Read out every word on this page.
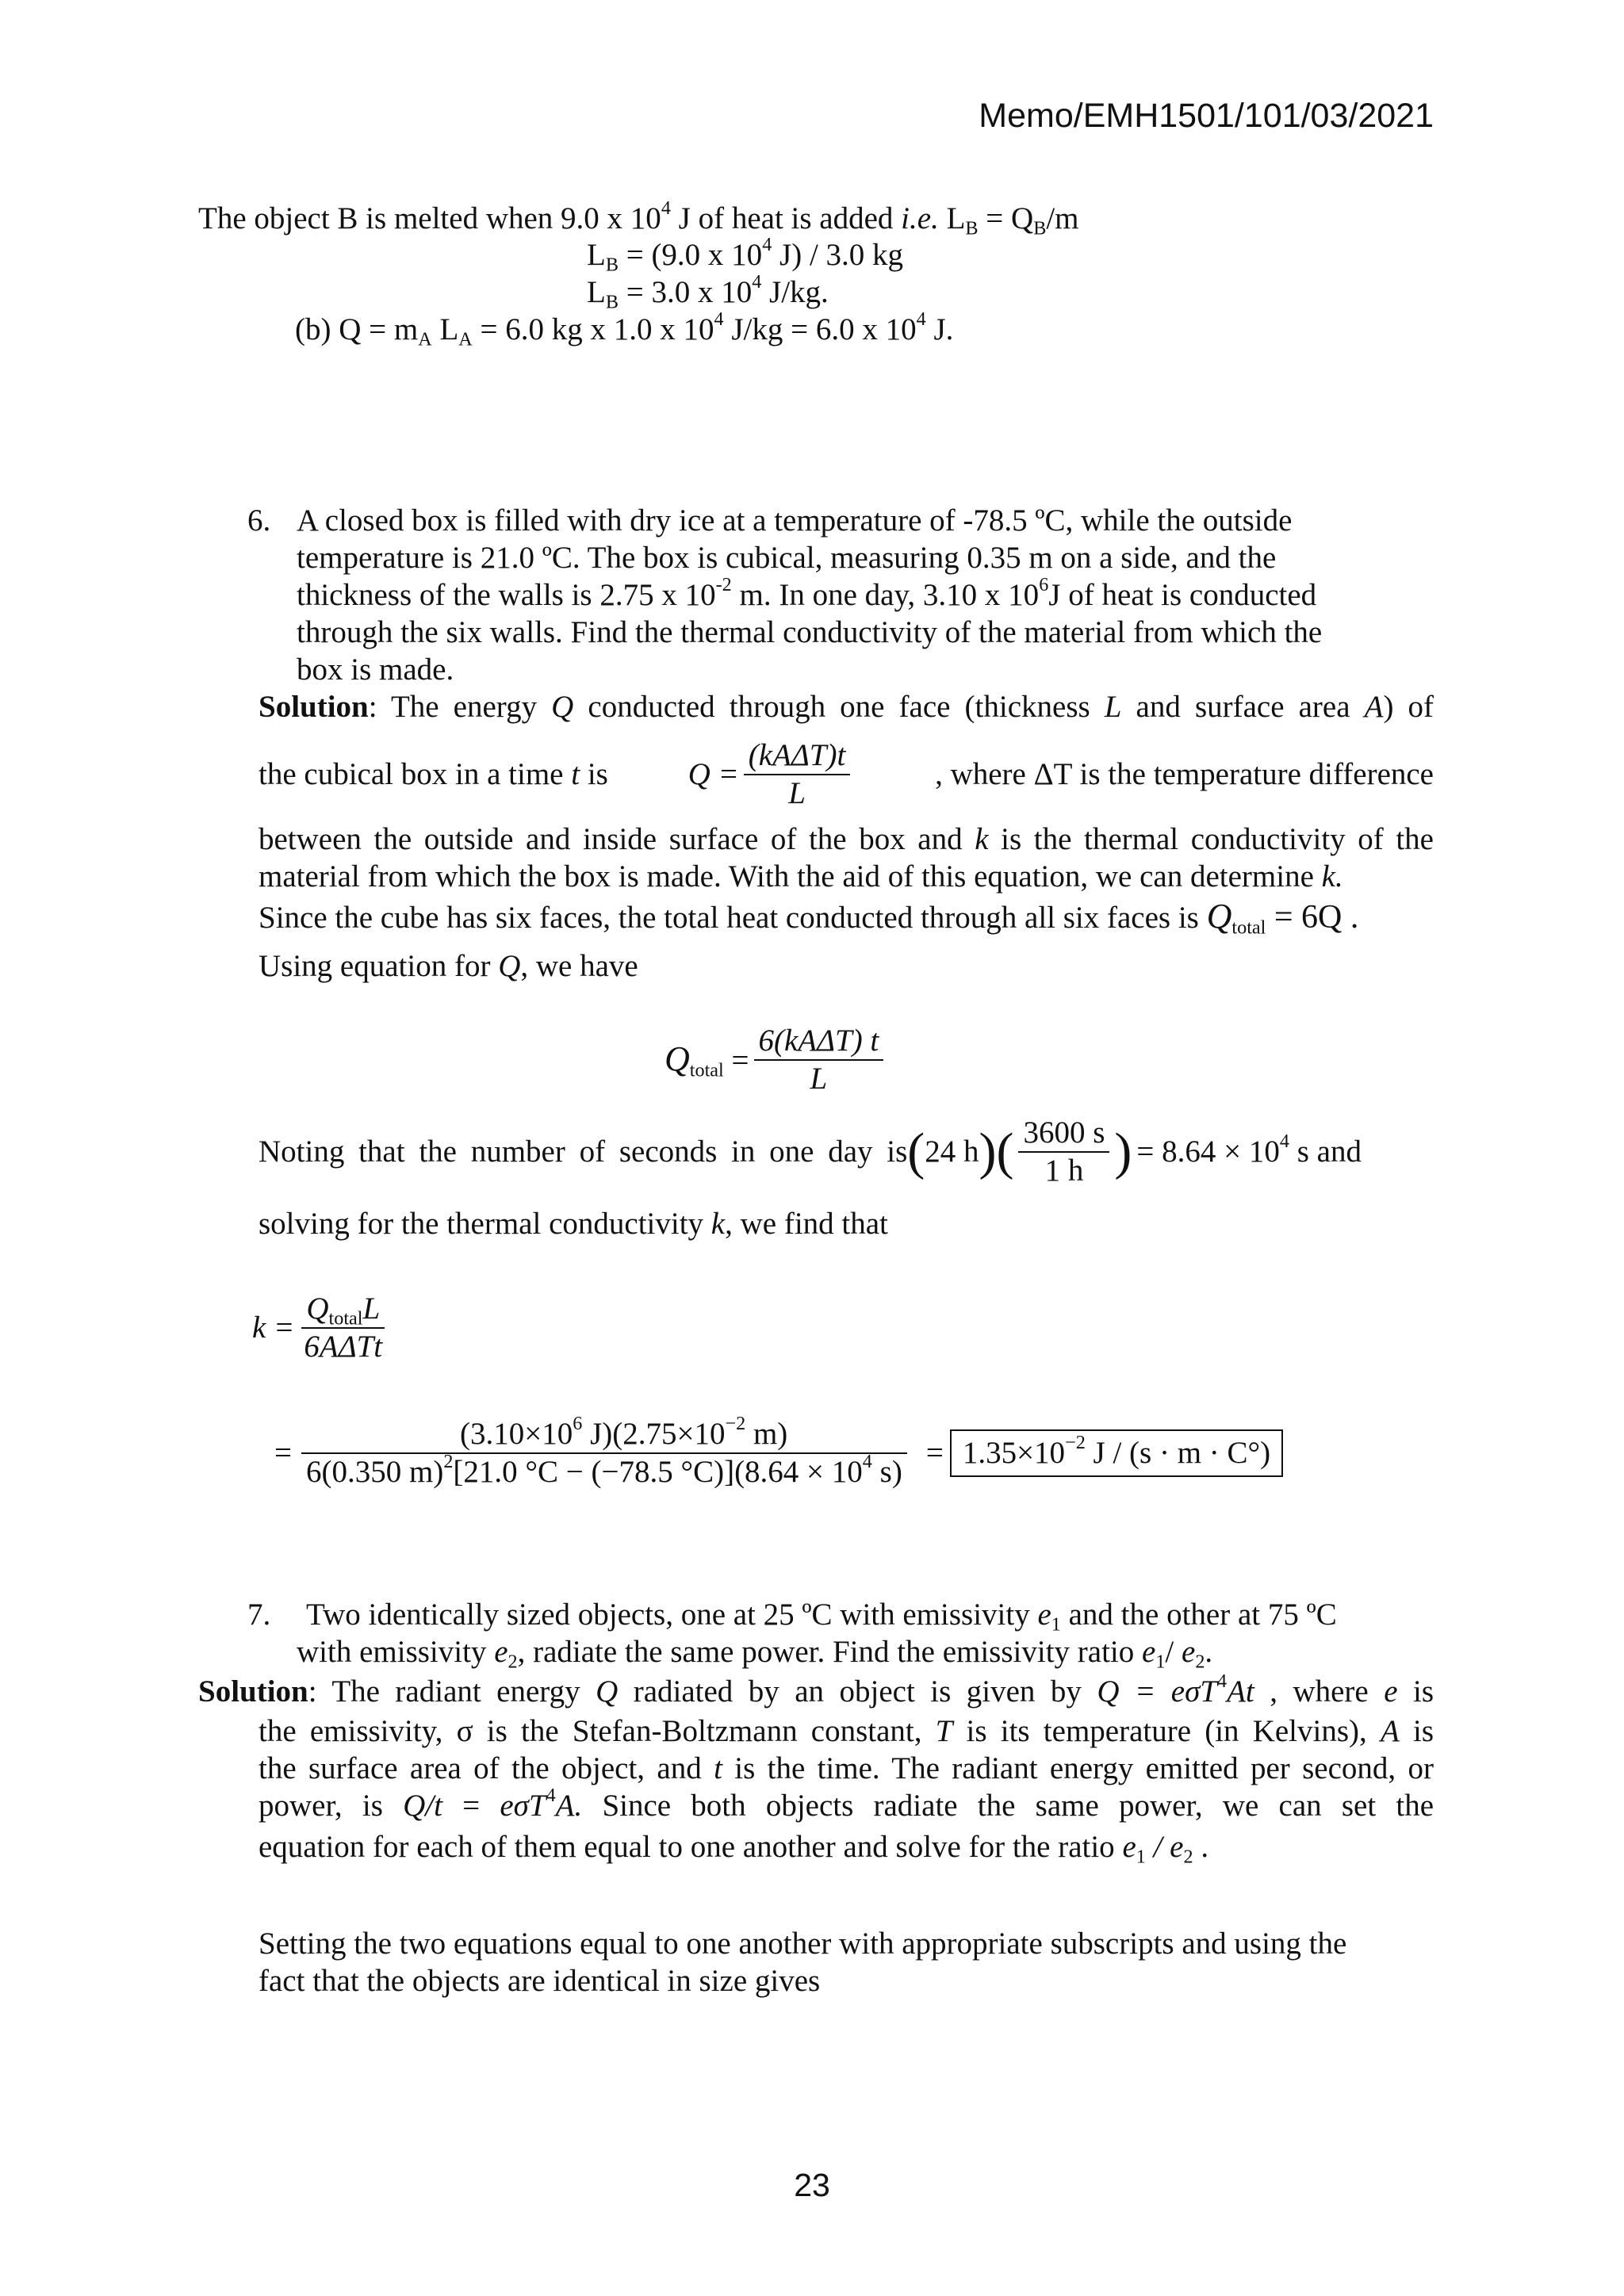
Memo/EMH1501/101/03/2021
The object B is melted when 9.0 x $10^4$ J of heat is added i.e. $L_B = Q_B/m$
$L_B = (9.0$ x $10^4$ J) / 3.0 kg
$L_B = 3.0$ x $10^4$ J/kg.
(b) $Q = m_A$ $L_A = 6.0$ kg x 1.0 x $10^4$ J/kg = 6.0 x $10^4$ J.
6. A closed box is filled with dry ice at a temperature of -78.5 ºC, while the outside
temperature is 21.0 ºC. The box is cubical, measuring 0.35 m on a side, and the
thickness of the walls is 2.75 x $10^{-2}$ m. In one day, 3.10 x $10^6J$ of heat is conducted
through the six walls. Find the thermal conductivity of the material from which the
box is made.
Solution: The energy Q conducted through one face (thickness L and surface area A) of
the cubical box in a time t is	$Q = \frac{\text{(kAΔT)t}}{L}$	, where ΔT is the temperature difference
between the outside and inside surface of the box and k is the thermal conductivity of the
material from which the box is made. With the aid of this equation, we can determine k.
Since the cube has six faces, the total heat conducted through all six faces is $Q_{total} = 6Q$ .
Using equation for Q, we have
$Q_{total} = \frac{\text{6(kAΔT) t}}{L}$
Noting that the number of seconds in one day is ( 24 h )( $\frac{3600 s}{1 h}$ ) = $8.64 \times 10^4$ s and
solving for the thermal conductivity k, we find that
$k = \frac{Q_{total}L}{\text{6AΔTt}}$
= $\frac{(3.10\times 10^6 J)(2.75\times 10^{-2} m)}{6(0.350 m)^2[21.0 ^\circ C - (-78.5 ^\circ C)](8.64 \times 10^4 s)} = 1.35\times 10^{-2}$ J / (s · m · C°)
7. Two identically sized objects, one at 25 ºC with emissivity $e_1$ and the other at 75 ºC
with emissivity $e_2$, radiate the same power. Find the emissivity ratio $e_1/$ $e_2$.
Solution: The radiant energy Q radiated by an object is given by Q = eσT$^4$At , where e is
the emissivity, σ is the Stefan-Boltzmann constant, T is its temperature (in Kelvins), A is
the surface area of the object, and t is the time. The radiant energy emitted per second, or
power, is Q/t = eσT$^4$A. Since both objects radiate the same power, we can set the
equation for each of them equal to one another and solve for the ratio $e_1 / e_2$ .
Setting the two equations equal to one another with appropriate subscripts and using the
fact that the objects are identical in size gives
23
